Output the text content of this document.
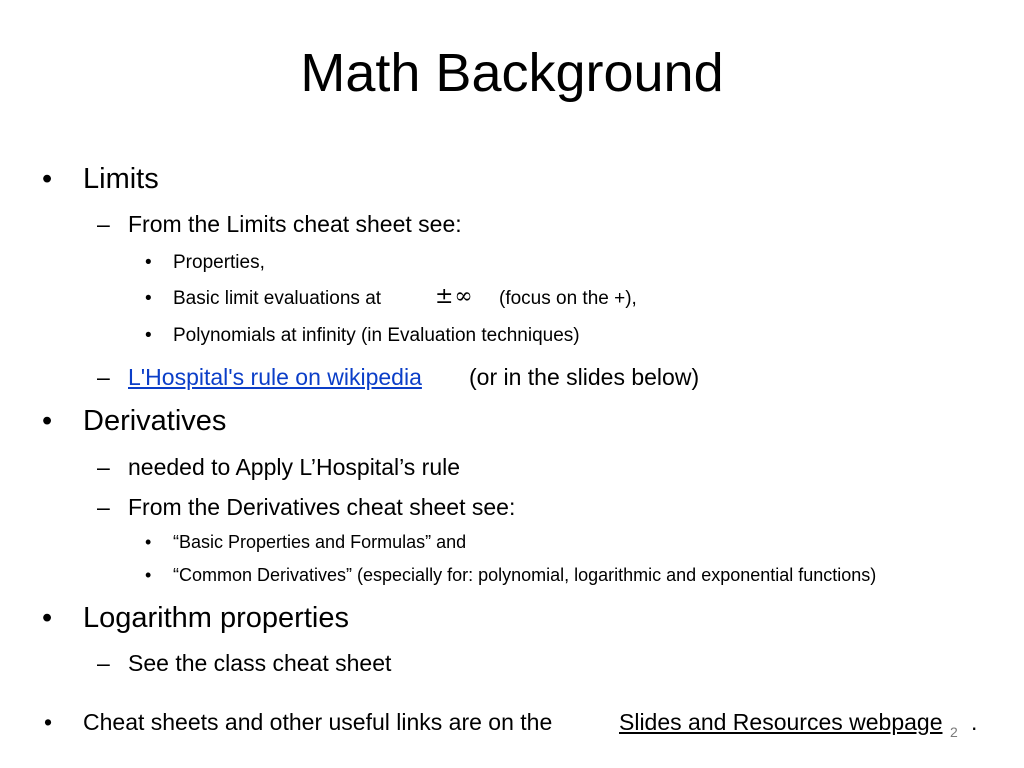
Math Background
• Limits
– From the Limits cheat sheet see:
• Properties,
• Basic limit evaluations at ±∞ (focus on the +),
• Polynomials at infinity (in Evaluation techniques)
– L'Hospital's rule on wikipedia (or in the slides below)
• Derivatives
– needed to Apply L’Hospital’s rule
– From the Derivatives cheat sheet see:
• “Basic Properties and Formulas” and
• “Common Derivatives” (especially for: polynomial, logarithmic and exponential functions)
• Logarithm properties
– See the class cheat sheet
• Cheat sheets and other useful links are on the	Slides and Resources webpage .
2
